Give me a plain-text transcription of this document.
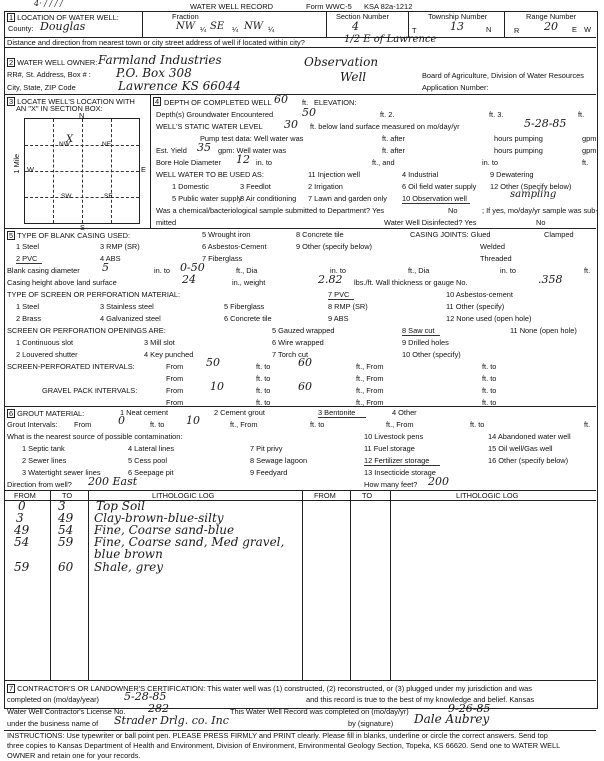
4· / / / /	WATER WELL RECORD	Form WWC-5 KSA 82a-1212
1 LOCATION OF WATER WELL:
County: Douglas
Fraction
NW ¼ SE ¼ NW ¼
Section Number
4
Township Number
T	13	N
Range Number
R 20 E W
Distance and direction from nearest town or city street address of well if located within city?	1/2 E of Lawrence
2 WATER WELL OWNER: Farmland Industries
RR#, St. Address, Box # : P.O. Box 308
City, State, ZIP Code	Lawrence KS 66044
Observation
Well	Board of Agriculture, Division of Water Resources
Application Number:
3 LOCATE WELL'S LOCATION WITH
AN "X" IN SECTION BOX:
NW	NE
SW	SE
X
N
S
W	E
1 Mile
4 DEPTH OF COMPLETED WELL 60 ft. ELEVATION:
Depth(s) Groundwater Encountered	50	ft. 2.	ft. 3.	ft.
WELL'S STATIC WATER LEVEL 30 ft. below land surface measured on mo/day/yr	5-28-85
Pump test data: Well water was	ft. after	hours pumping	gpm
Est. Yield 35 gpm: Well water was	ft. after	hours pumping	gpm
Bore Hole Diameter 12 in. to	ft., and	in. to	ft.
WELL WATER TO BE USED AS:	11 Injection well	4 Industrial	9 Dewatering
1 Domestic	3 Feedlot	2 Irrigation	6 Oil field water supply 12 Other (Specify below)
5 Public water supply
8 Air conditioning 7 Lawn and garden only 10 Observation well	sampling
Was a chemical/bacteriological sample submitted to Department? Yes	No	; If yes, mo/day/yr sample was sub-
mitted	Water Well Disinfected? Yes	No
5 TYPE OF BLANK CASING USED:
1 Steel	3 RMP (SR)
5 Wrought iron	8 Concrete tile
2 PVC	4 ABS
6 Asbestos-Cement
7 Fiberglass
9 Other (specify below)
CASING JOINTS: Glued	Clamped
Welded
Threaded
Blank casing diameter 5	in. to 0-50	ft., Dia	in. to	ft., Dia	in. to	ft.
Casing height above land surface	24	in., weight	2.82 lbs./ft. Wall thickness or gauge No.	.358
TYPE OF SCREEN OR PERFORATION MATERIAL:
1 Steel	3 Stainless steel	5 Fiberglass
7 PVC	10 Asbestos-cement
2 Brass	4 Galvanized steel	6 Concrete tile
8 RMP (SR)
9 ABS
11 Other (specify)
12 None used (open hole)
SCREEN OR PERFORATION OPENINGS ARE:	5 Gauzed wrapped	8 Saw cut	11 None (open hole)
1 Continuous slot	3 Mill slot	6 Wire wrapped	9 Drilled holes
2 Louvered shutter	4 Key punched	7 Torch cut	10 Other (specify)
SCREEN-PERFORATED INTERVALS:	From 50	ft. to	60	ft., From	ft. to
From	ft. to	ft., From	ft. to
GRAVEL PACK INTERVALS:	From 10	ft. to	60	ft., From	ft. to
From	ft. to	ft., From	ft. to
6 GROUT MATERIAL:	1 Neat cement	2 Cement grout	3 Bentonite	4 Other
Grout Intervals: From 0	ft. to 10	ft., From	ft. to	ft., From	ft. to	ft.
What is the nearest source of possible contamination:	10 Livestock pens	14 Abandoned water well
1 Septic tank	4 Lateral lines	7 Pit privy	11 Fuel storage	15 Oil well/Gas well
2 Sewer lines	5 Cess pool	8 Sewage lagoon	12 Fertilizer storage	16 Other (specify below)
3 Watertight sewer lines	6 Seepage pit	9 Feedyard	13 Insecticide storage
Direction from well? 200 East	How many feet? 200
FROM	TO	LITHOLOGIC LOG	FROM	TO	LITHOLOGIC LOG
0	3	Top Soil
3	49 Clay-brown-blue-silty
49 54 Fine, Coarse sand-blue
54 59 Fine, Coarse sand, Med gravel,
blue brown
59 60 Shale, grey
7 CONTRACTOR'S OR LANDOWNER'S CERTIFICATION: This water well was (1) constructed, (2) reconstructed, or (3) plugged under my jurisdiction and was
completed on (mo/day/year) 5-28-85	and this record is true to the best of my knowledge and belief. Kansas
Water Well Contractor's License No. 282	This Water Well Record was completed on (mo/day/yr)	9-26-85
under the business name of Strader Drlg. co. Inc	by (signature) Dale Aubrey
INSTRUCTIONS: Use typewriter or ball point pen. PLEASE PRESS FIRMLY and PRINT clearly. Please fill in blanks, underline or circle the correct answers. Send top
three copies to Kansas Department of Health and Environment, Division of Environment, Environmental Geology Section, Topeka, KS 66620. Send one to WATER WELL
OWNER and retain one for your records.
